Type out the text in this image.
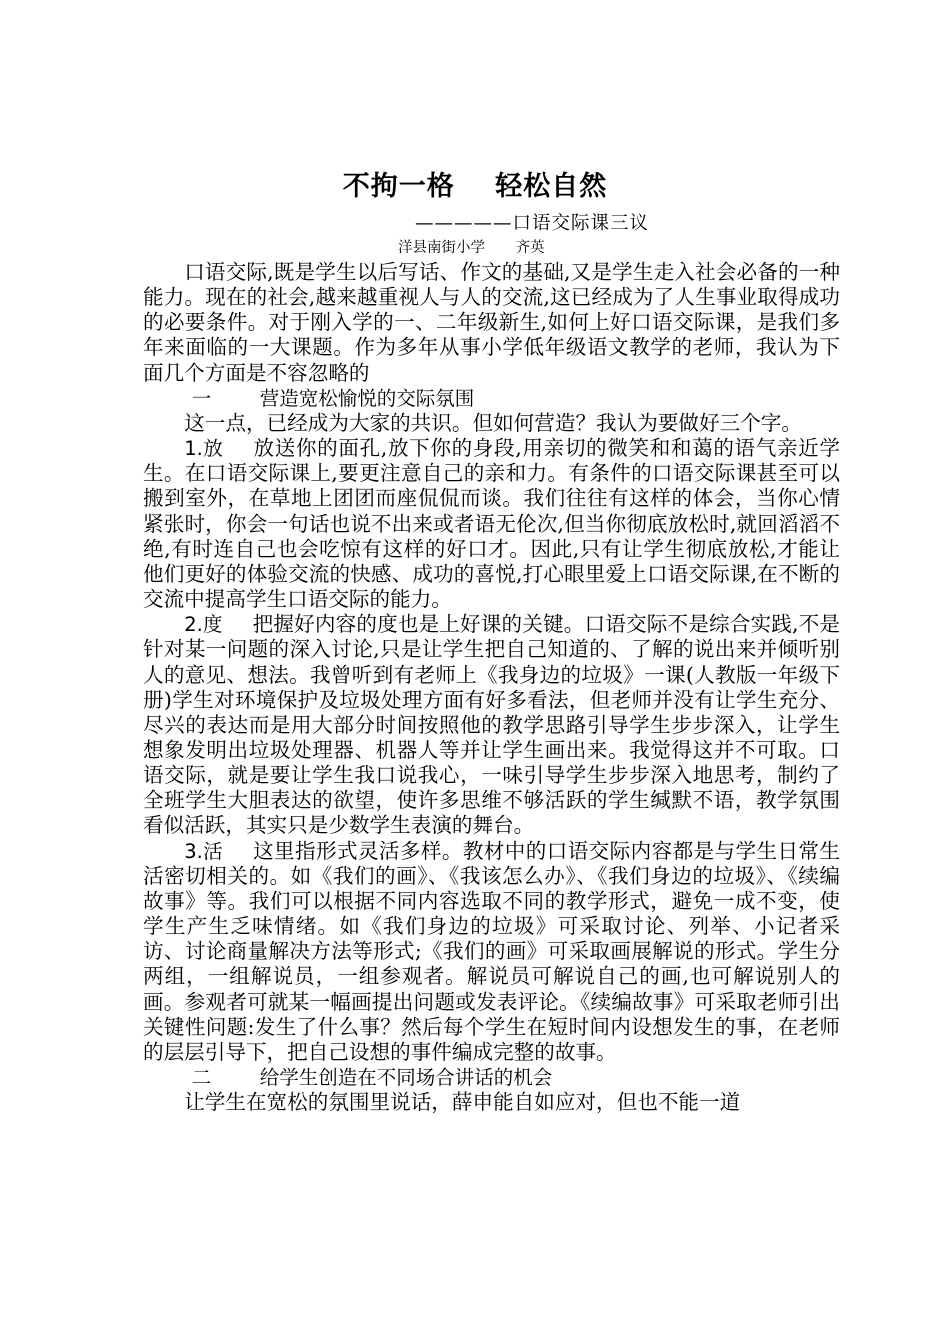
不拘一格 轻松自然
—————口语交际课三议
洋县南街小学 齐英

口语交际,既是学生以后写话、作文的基础,又是学生走入社会必备的一种能力。现在的社会,越来越重视人与人的交流,这已经成为了人生事业取得成功的必要条件。对于刚入学的一、二年级新生,如何上好口语交际课，是我们多年来面临的一大课题。作为多年从事小学低年级语文教学的老师，我认为下面几个方面是不容忽略的

一 营造宽松愉悦的交际氛围

这一点，已经成为大家的共识。但如何营造？我认为要做好三个字。

1.放 放送你的面孔,放下你的身段,用亲切的微笑和和蔼的语气亲近学生。在口语交际课上,要更注意自己的亲和力。有条件的口语交际课甚至可以搬到室外，在草地上团团而座侃侃而谈。我们往往有这样的体会，当你心情紧张时，你会一句话也说不出来或者语无伦次,但当你彻底放松时,就回滔滔不绝,有时连自己也会吃惊有这样的好口才。因此,只有让学生彻底放松,才能让他们更好的体验交流的快感、成功的喜悦,打心眼里爱上口语交际课,在不断的交流中提高学生口语交际的能力。

2.度 把握好内容的度也是上好课的关键。口语交际不是综合实践,不是针对某一问题的深入讨论,只是让学生把自己知道的、了解的说出来并倾听别人的意见、想法。我曾听到有老师上《我身边的垃圾》一课(人教版一年级下册)学生对环境保护及垃圾处理方面有好多看法，但老师并没有让学生充分、尽兴的表达而是用大部分时间按照他的教学思路引导学生步步深入，让学生想象发明出垃圾处理器、机器人等并让学生画出来。我觉得这并不可取。口语交际，就是要让学生我口说我心，一味引导学生步步深入地思考，制约了全班学生大胆表达的欲望，使许多思维不够活跃的学生缄默不语，教学氛围看似活跃，其实只是少数学生表演的舞台。

3.活 这里指形式灵活多样。教材中的口语交际内容都是与学生日常生活密切相关的。如《我们的画》、《我该怎么办》、《我们身边的垃圾》、《续编故事》等。我们可以根据不同内容选取不同的教学形式，避免一成不变，使学生产生乏味情绪。如《我们身边的垃圾》可采取讨论、列举、小记者采访、讨论商量解决方法等形式;《我们的画》可采取画展解说的形式。学生分两组，一组解说员，一组参观者。解说员可解说自己的画,也可解说别人的画。参观者可就某一幅画提出问题或发表评论。《续编故事》可采取老师引出关键性问题:发生了什么事？然后每个学生在短时间内设想发生的事，在老师的层层引导下，把自己设想的事件编成完整的故事。

二 给学生创造在不同场合讲话的机会

让学生在宽松的氛围里说话，薛申能自如应对，但也不能一道
